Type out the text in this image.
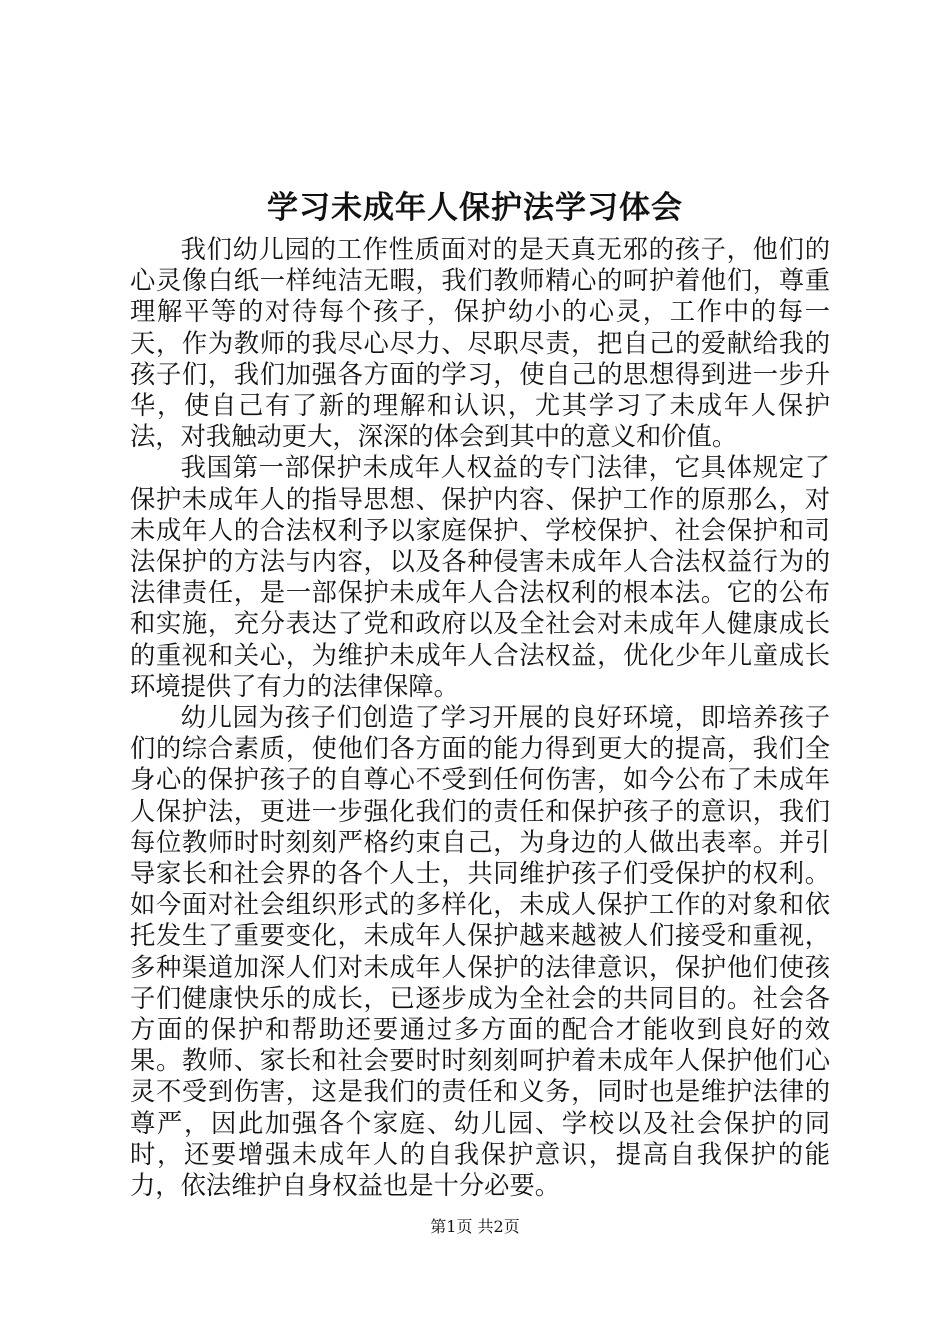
学习未成年人保护法学习体会

我们幼儿园的工作性质面对的是天真无邪的孩子，他们的心灵像白纸一样纯洁无暇，我们教师精心的呵护着他们，尊重理解平等的对待每个孩子，保护幼小的心灵，工作中的每一天，作为教师的我尽心尽力、尽职尽责，把自己的爱献给我的孩子们，我们加强各方面的学习，使自己的思想得到进一步升华，使自己有了新的理解和认识，尤其学习了未成年人保护法，对我触动更大，深深的体会到其中的意义和价值。

我国第一部保护未成年人权益的专门法律，它具体规定了保护未成年人的指导思想、保护内容、保护工作的原那么，对未成年人的合法权利予以家庭保护、学校保护、社会保护和司法保护的方法与内容，以及各种侵害未成年人合法权益行为的法律责任，是一部保护未成年人合法权利的根本法。它的公布和实施，充分表达了党和政府以及全社会对未成年人健康成长的重视和关心，为维护未成年人合法权益，优化少年儿童成长环境提供了有力的法律保障。

幼儿园为孩子们创造了学习开展的良好环境，即培养孩子们的综合素质，使他们各方面的能力得到更大的提高，我们全身心的保护孩子的自尊心不受到任何伤害，如今公布了未成年人保护法，更进一步强化我们的责任和保护孩子的意识，我们每位教师时时刻刻严格约束自己，为身边的人做出表率。并引导家长和社会界的各个人士，共同维护孩子们受保护的权利。如今面对社会组织形式的多样化，未成人保护工作的对象和依托发生了重要变化，未成年人保护越来越被人们接受和重视，多种渠道加深人们对未成年人保护的法律意识，保护他们使孩子们健康快乐的成长，已逐步成为全社会的共同目的。社会各方面的保护和帮助还要通过多方面的配合才能收到良好的效果。教师、家长和社会要时时刻刻呵护着未成年人保护他们心灵不受到伤害，这是我们的责任和义务，同时也是维护法律的尊严，因此加强各个家庭、幼儿园、学校以及社会保护的同时，还要增强未成年人的自我保护意识，提高自我保护的能力，依法维护自身权益也是十分必要。

第1页 共2页
